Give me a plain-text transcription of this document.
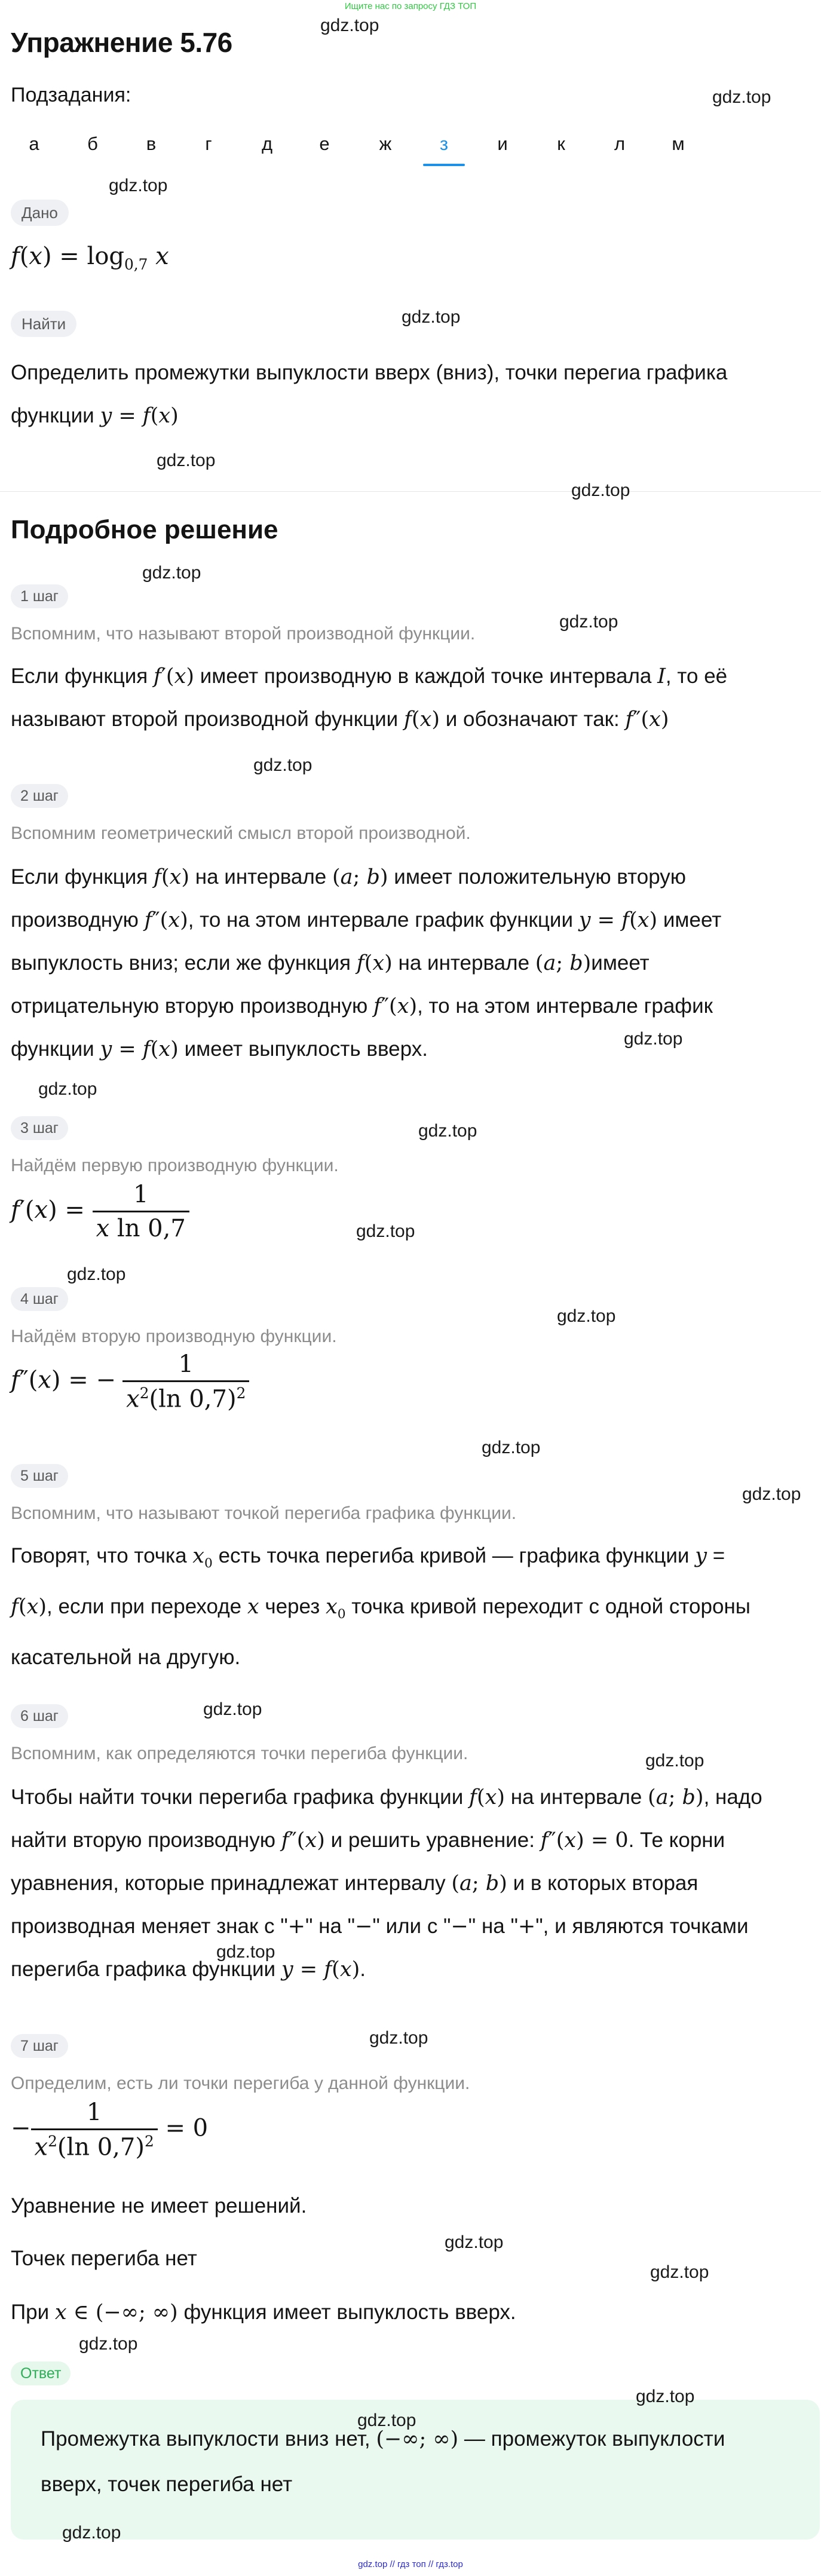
Ищите нас по запросу ГДЗ ТОП
Упражнение 5.76
Подзадания:
а	б	в	г	д	е	ж	з	и	к	л	м
Дано
$f(x) = \log_{0,7} x$
Найти

Определить промежутки выпуклости вверх (вниз), точки перегиа графика
функции y = f(x)

Подробное решение
1 шаг
Вспомним, что называют второй производной функции.

Если функция f′(x) имеет производную в каждой точке интервала I, то её
называют второй производной функции f(x) и обозначают так: f″(x)

2 шаг
Вспомним геометрический смысл второй производной.

Если функция f(x) на интервале (a; b) имеет положительную вторую
производную f″(x), то на этом интервале график функции y = f(x) имеет
выпуклость вниз; если же функция f(x) на интервале (a; b)имеет
отрицательную вторую производную f″(x), то на этом интервале график
функции y = f(x) имеет выпуклость вверх.

3 шаг
Найдём первую производную функции.
$f'(x) = \frac{1}{\text{x ln 0,7}}$
4 шаг
Найдём вторую производную функции.
f″(x) = − $\frac{1}{x^2(\ln 0,7)^2}$
5 шаг
Вспомним, что называют точкой перегиба графика функции.

Говорят, что точка $x_0$ есть точка перегиба кривой — графика функции y =
f(x), если при переходе x через $x_0$ точка кривой переходит с одной стороны
касательной на другую.

6 шаг
Вспомним, как определяются точки перегиба функции.

Чтобы найти точки перегиба графика функции f(x) на интервале (a; b), надо
найти вторую производную f″(x) и решить уравнение: f″(x) = 0. Те корни
уравнения, которые принадлежат интервалу (a; b) и в которых вторая
производная меняет знак с "+" на "−" или с "−" на "+", и являются точками
перегиба графика функции y = f(x).

7 шаг
Определим, есть ли точки перегиба у данной функции.
− $\frac{1}{x^2(\ln 0,7)^2} = 0$

Уравнение не имеет решений.

Точек перегиба нет

При x ∈ (−∞; ∞) функция имеет выпуклость вверх.

Ответ

Промежутка выпуклости вниз нет, (−∞; ∞) — промежуток выпуклости
вверх, точек перегиба нет

gdz.top
gdz.top
gdz.top
gdz.top
gdz.top
gdz.top
gdz.top
gdz.top
gdz.top
gdz.top
gdz.top
gdz.top
gdz.top
gdz.top
gdz.top
gdz.top
gdz.top
gdz.top
gdz.top
gdz.top
gdz.top
gdz.top
gdz.top
gdz.top
gdz.top
gdz.top
gdz.top
gdz.top // гдз топ // гдз.top
